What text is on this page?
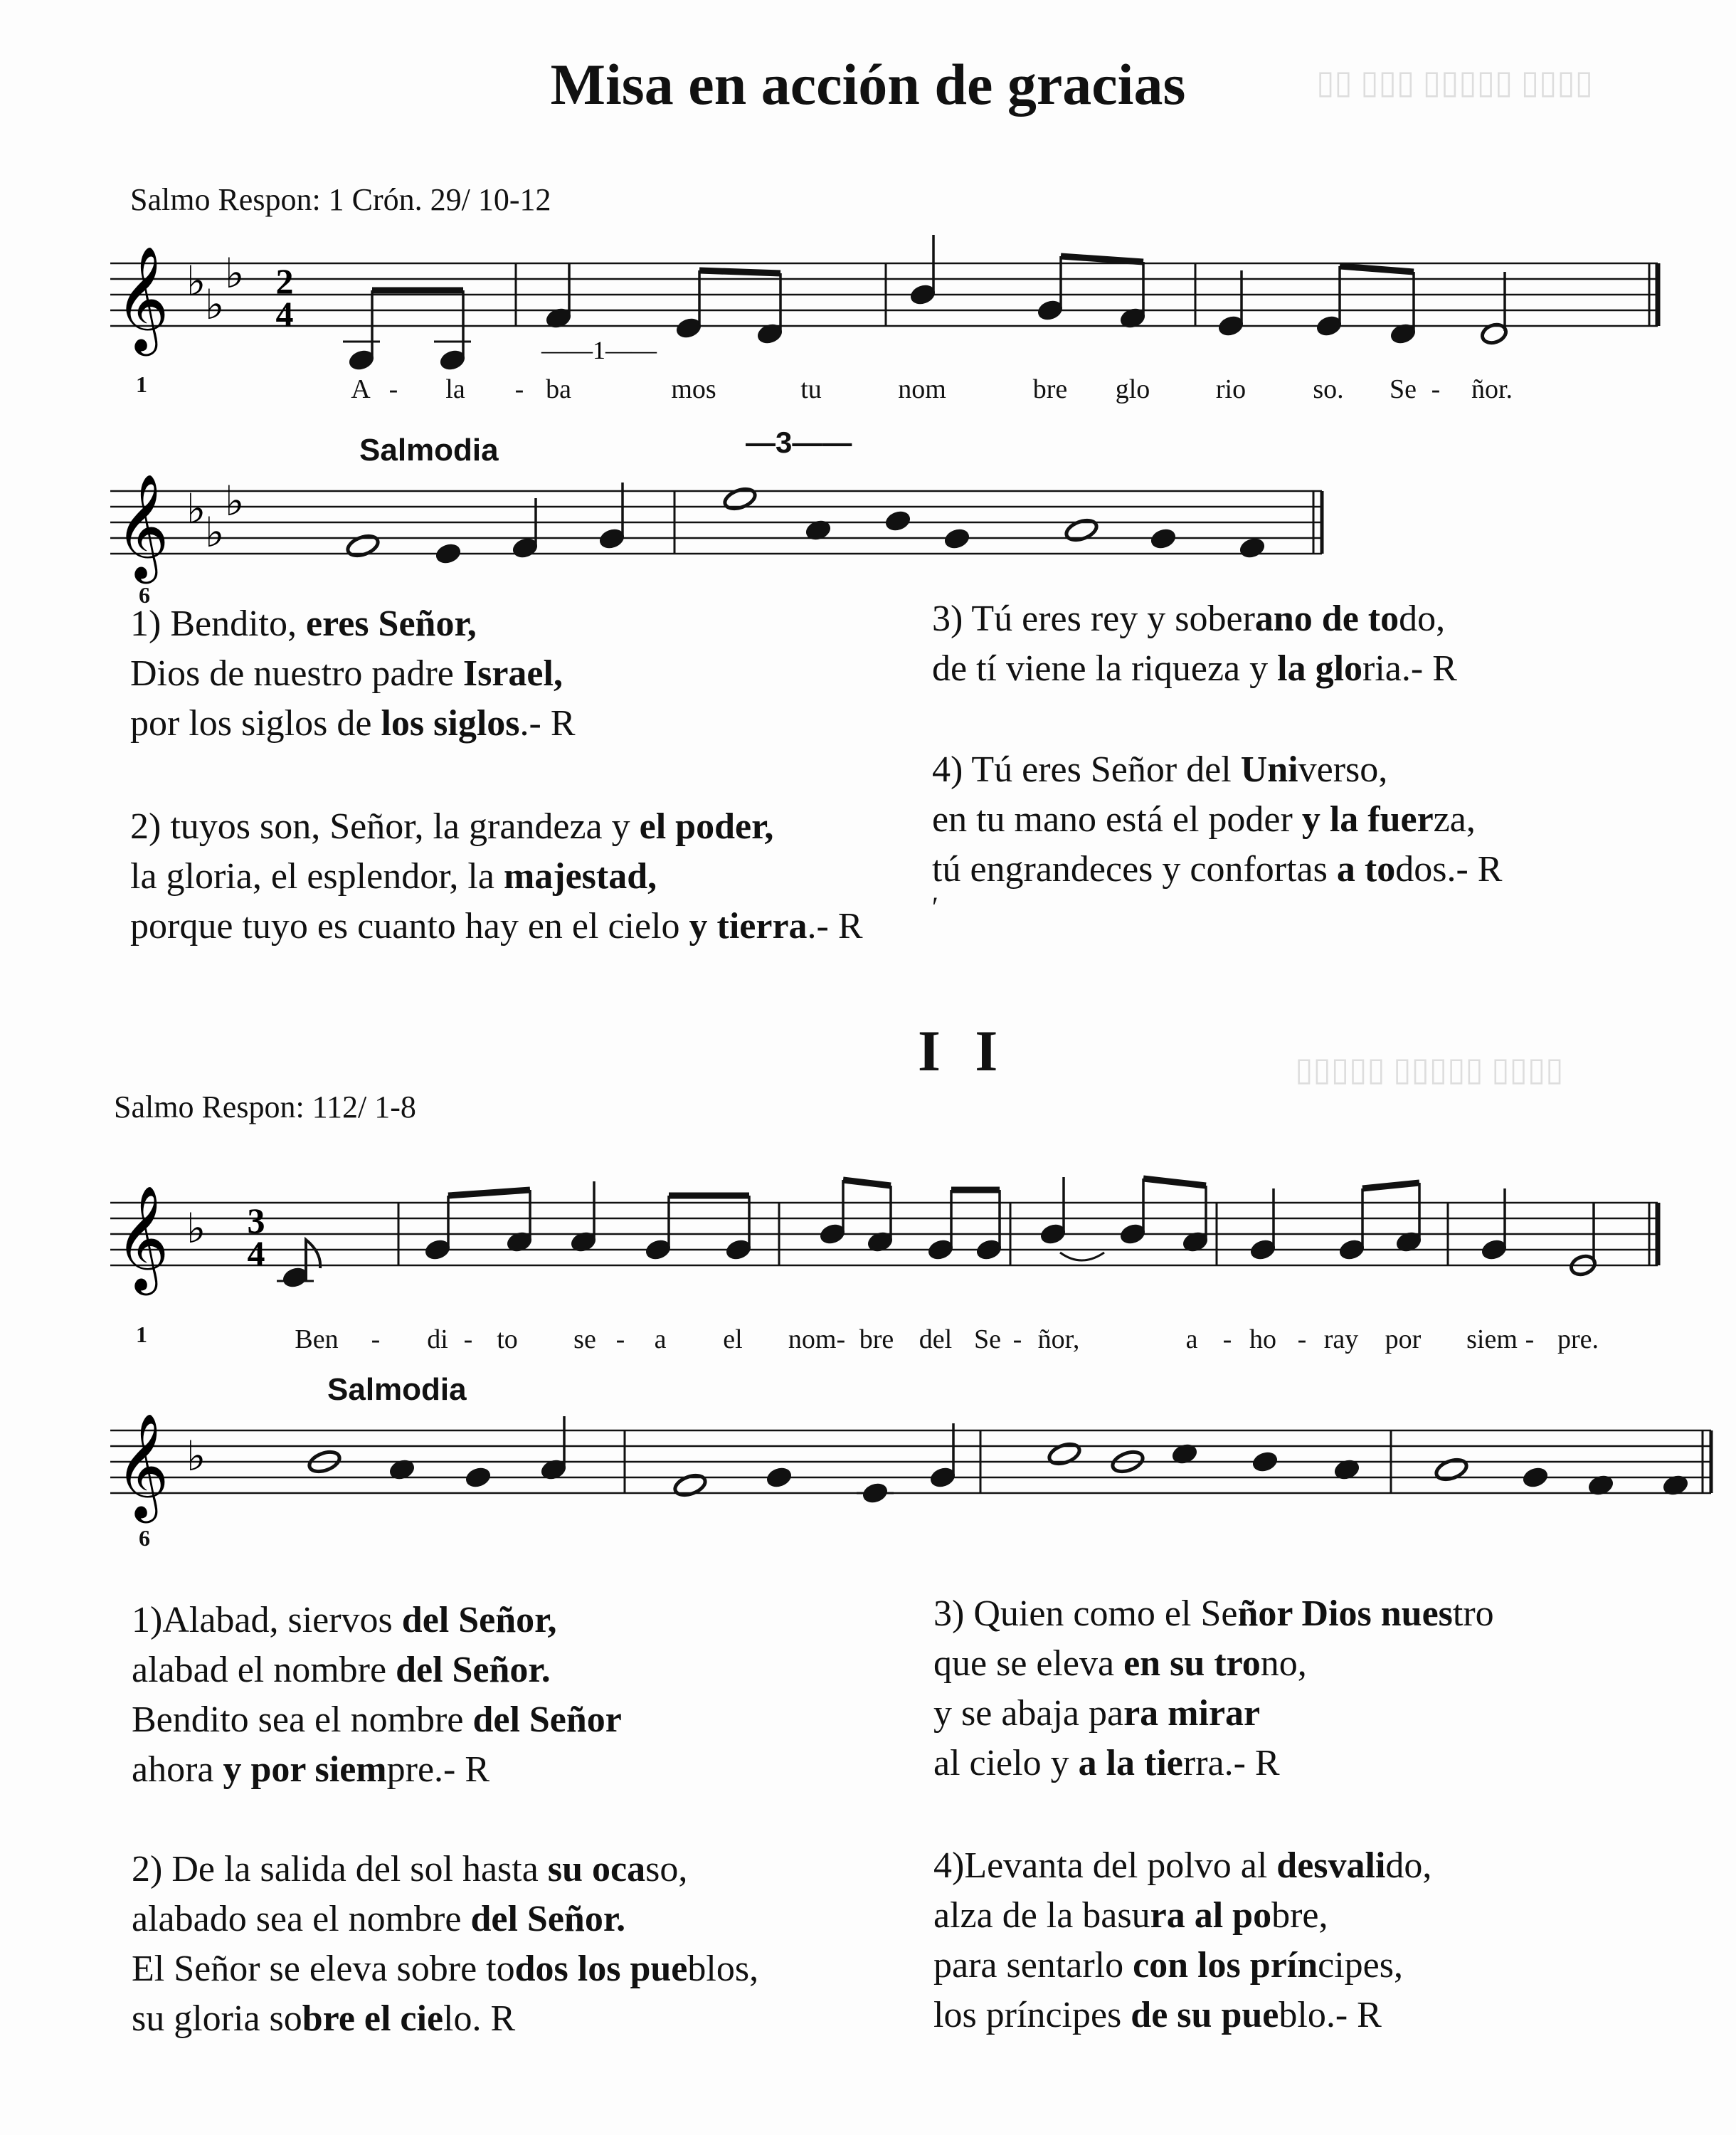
▯▯▯▯ ▯▯▯▯▯ ▯▯▯ ▯▯
▯▯▯▯ ▯▯▯▯▯ ▯▯▯▯▯
Misa en acción de gracias
Salmo Respon: 1 Crón. 29/ 10-12
𝄞 ♭
♭
♭ 2
4
——1——
1	A - la - ba	mos	tu	nom	bre glo rio so. Se - ñor.
Salmodia	—3——
𝄞 ♭
♭
♭
6
1) Bendito, eres Señor,
Dios de nuestro padre Israel,
por los siglos de los siglos.- R
2) tuyos son, Señor, la grandeza y el poder,
la gloria, el esplendor, la majestad,
porque tuyo es cuanto hay en el cielo y tierra.- R
3) Tú eres rey y soberano de todo,
de tí viene la riqueza y la gloria.- R
4) Tú eres Señor del Universo,
en tu mano está el poder y la fuerza,
tú engrandeces y confortas a todos.- R
′
I I
Salmo Respon: 112/ 1-8
𝄞 ♭ 3
4
1	Ben - di - to se - a el nom- bre del Se - ñor,	a - ho - ray por siem - pre.
Salmodia
𝄞 ♭
6
1)Alabad, siervos del Señor,
alabad el nombre del Señor.
Bendito sea el nombre del Señor
ahora y por siempre.- R
2) De la salida del sol hasta su ocaso,
alabado sea el nombre del Señor.
El Señor se eleva sobre todos los pueblos,
su gloria sobre el cielo. R
3) Quien como el Señor Dios nuestro
que se eleva en su trono,
y se abaja para mirar
al cielo y a la tierra.- R
4)Levanta del polvo al desvalido,
alza de la basura al pobre,
para sentarlo con los príncipes,
los príncipes de su pueblo.- R
